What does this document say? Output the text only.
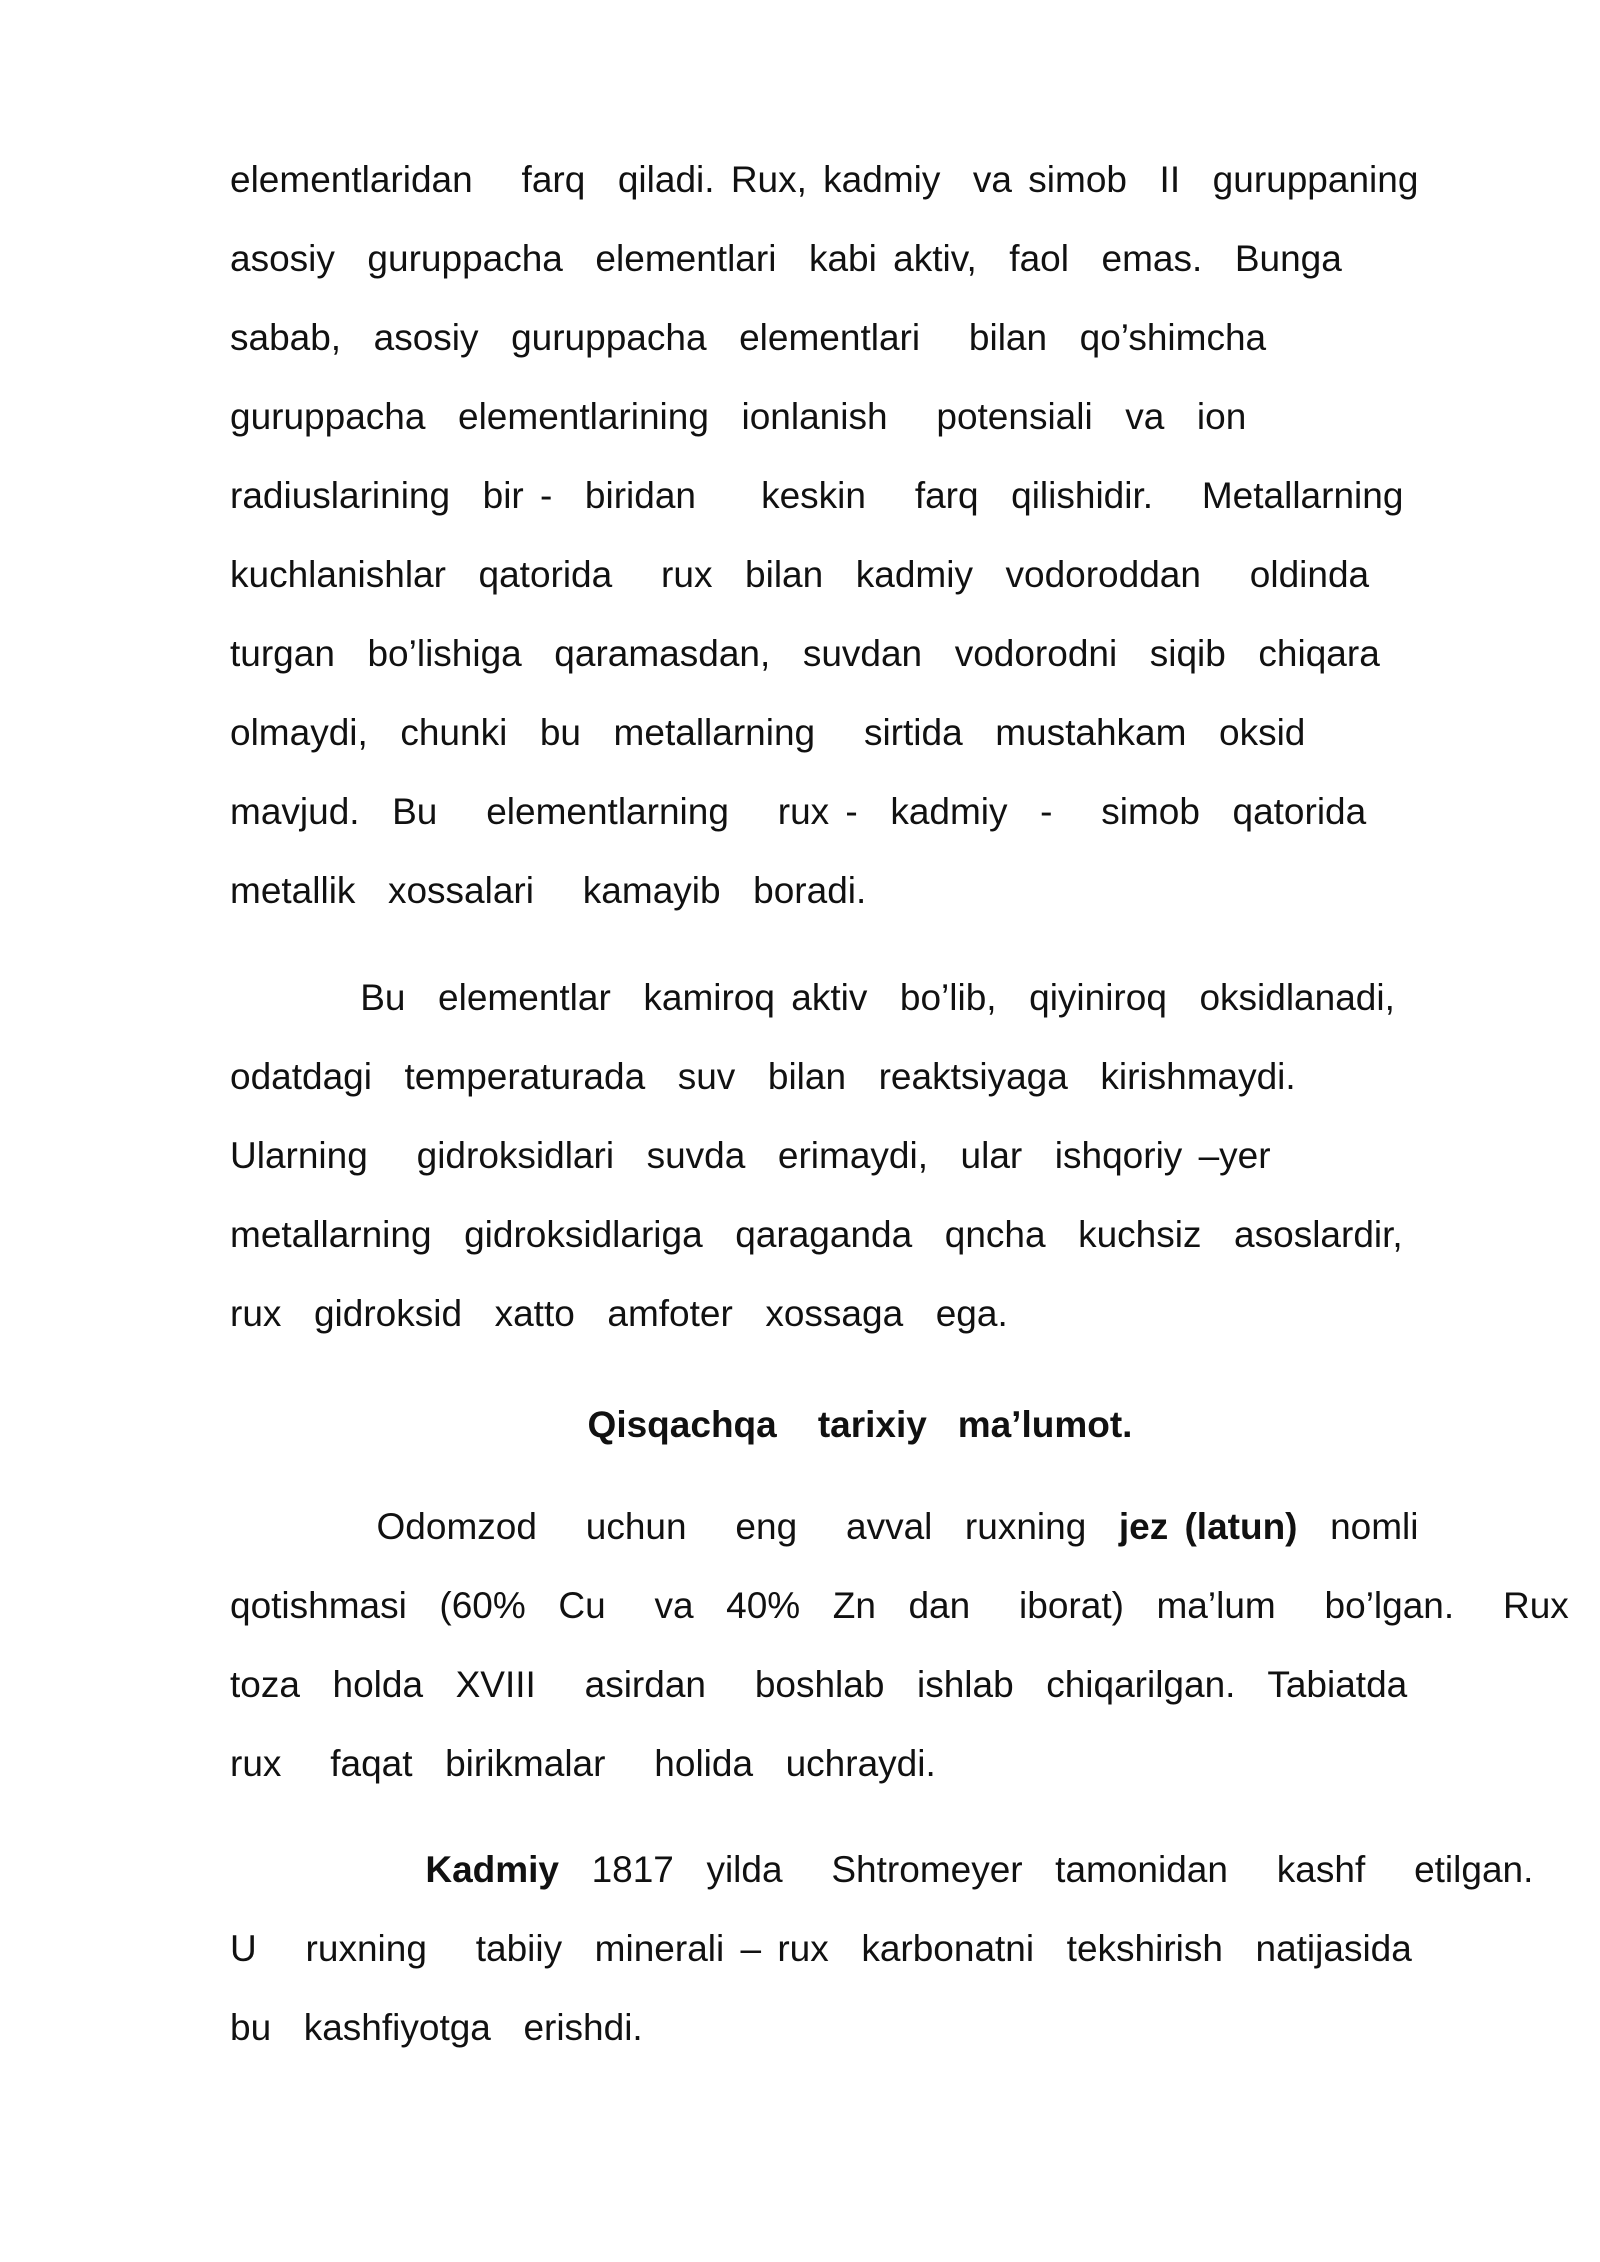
elementlaridan   farq  qiladi. Rux, kadmiy  va simob  II  guruppaning
asosiy  guruppacha  elementlari  kabi aktiv,  faol  emas.  Bunga
sabab,  asosiy  guruppacha  elementlari   bilan  qo’shimcha
guruppacha  elementlarining  ionlanish   potensiali  va  ion
radiuslarining  bir -  biridan    keskin   farq  qilishidir.   Metallarning
kuchlanishlar  qatorida   rux  bilan  kadmiy  vodoroddan   oldinda
turgan  bo’lishiga  qaramasdan,  suvdan  vodorodni  siqib  chiqara
olmaydi,  chunki  bu  metallarning   sirtida  mustahkam  oksid
mavjud.  Bu   elementlarning   rux -  kadmiy  -   simob  qatorida
metallik  xossalari   kamayib  boradi.
Bu  elementlar  kamiroq aktiv  bo’lib,  qiyiniroq  oksidlanadi,
odatdagi  temperaturada  suv  bilan  reaktsiyaga  kirishmaydi.
Ularning   gidroksidlari  suvda  erimaydi,  ular  ishqoriy –yer
metallarning  gidroksidlariga  qaraganda  qncha  kuchsiz  asoslardir,
rux  gidroksid  xatto  amfoter  xossaga  ega.
Qisqachqa    tarixiy   ma’lumot.
Odomzod   uchun   eng   avval  ruxning  jez (latun)  nomli
qotishmasi  (60%  Cu   va  40%  Zn  dan   iborat)  ma’lum   bo’lgan.   Rux
toza  holda  XVIII   asirdan   boshlab  ishlab  chiqarilgan.  Tabiatda
rux   faqat  birikmalar   holida  uchraydi.
Kadmiy  1817  yilda   Shtromeyer  tamonidan   kashf   etilgan.
U   ruxning   tabiiy  minerali – rux  karbonatni  tekshirish  natijasida
bu  kashfiyotga  erishdi.
